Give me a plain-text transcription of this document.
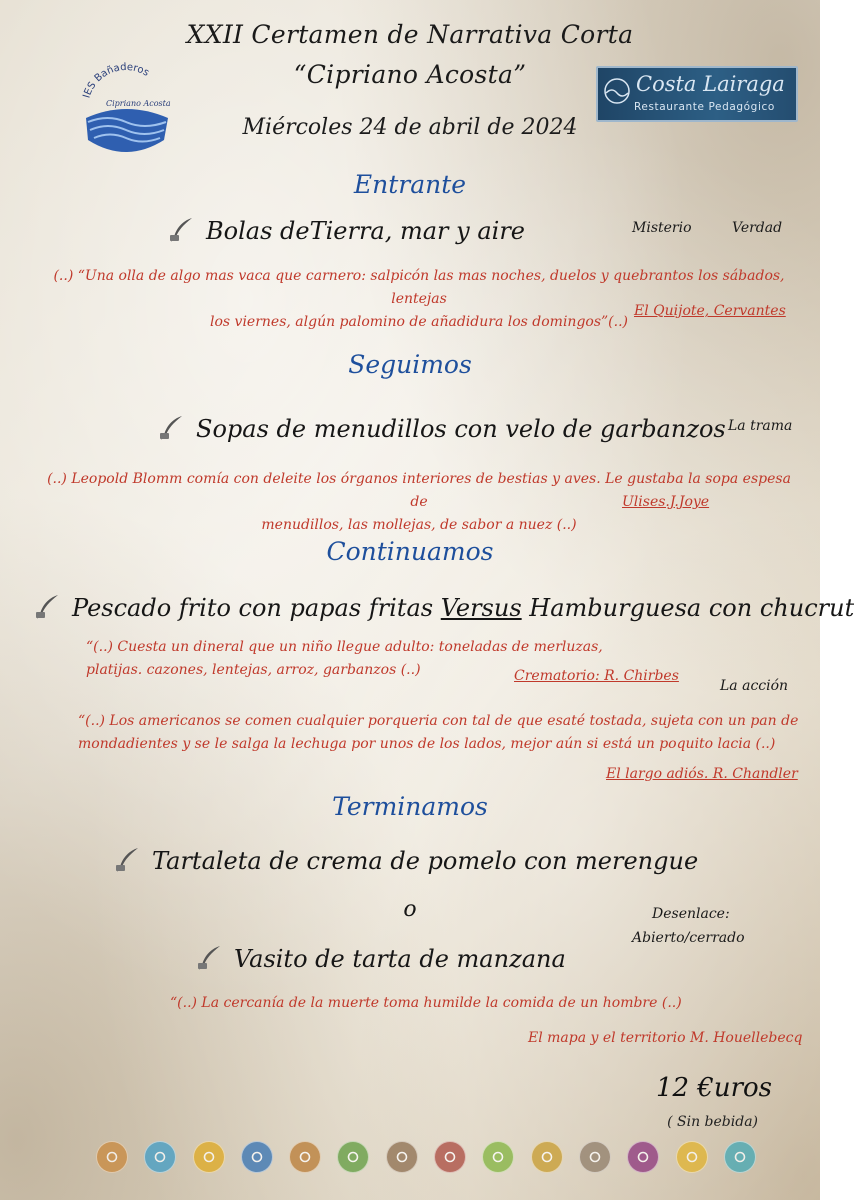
IES Bañaderos
Cipriano Acosta
Costa Lairaga
Restaurante Pedagógico
XXII Certamen de Narrativa Corta
“Cipriano Acosta”
Miércoles 24 de abril de 2024
Entrante
Bolas deTierra, mar y aire	Misterio	Verdad
(..) “Una olla de algo mas vaca que carnero: salpicón las mas noches, duelos y quebrantos los sábados, lentejas
los viernes, algún palomino de añadidura los domingos”(..)
El Quijote, Cervantes
Seguimos
Sopas de menudillos con velo de garbanzos La trama
(..) Leopold Blomm comía con deleite los órganos interiores de bestias y aves. Le gustaba la sopa espesa de
menudillos, las mollejas, de sabor a nuez (..)
Ulises.J.Joye
Continuamos
Pescado frito con papas fritas Versus Hamburguesa con chucrut
“(..) Cuesta un dineral que un niño llegue adulto: toneladas de merluzas,
platijas. cazones, lentejas, arroz, garbanzos (..)	Crematorio: R. Chirbes
La acción
“(..) Los americanos se comen cualquier porqueria con tal de que esaté tostada, sujeta con un pan de
mondadientes y se le salga la lechuga por unos de los lados, mejor aún si está un poquito lacia (..)
El largo adiós. R. Chandler
Terminamos
Tartaleta de crema de pomelo con merengue
o	Desenlace:
Abierto/cerrado
Vasito de tarta de manzana
“(..) La cercanía de la muerte toma humilde la comida de un hombre (..)
El mapa y el territorio M. Houellebecq
12 €uros
( Sin bebida)
